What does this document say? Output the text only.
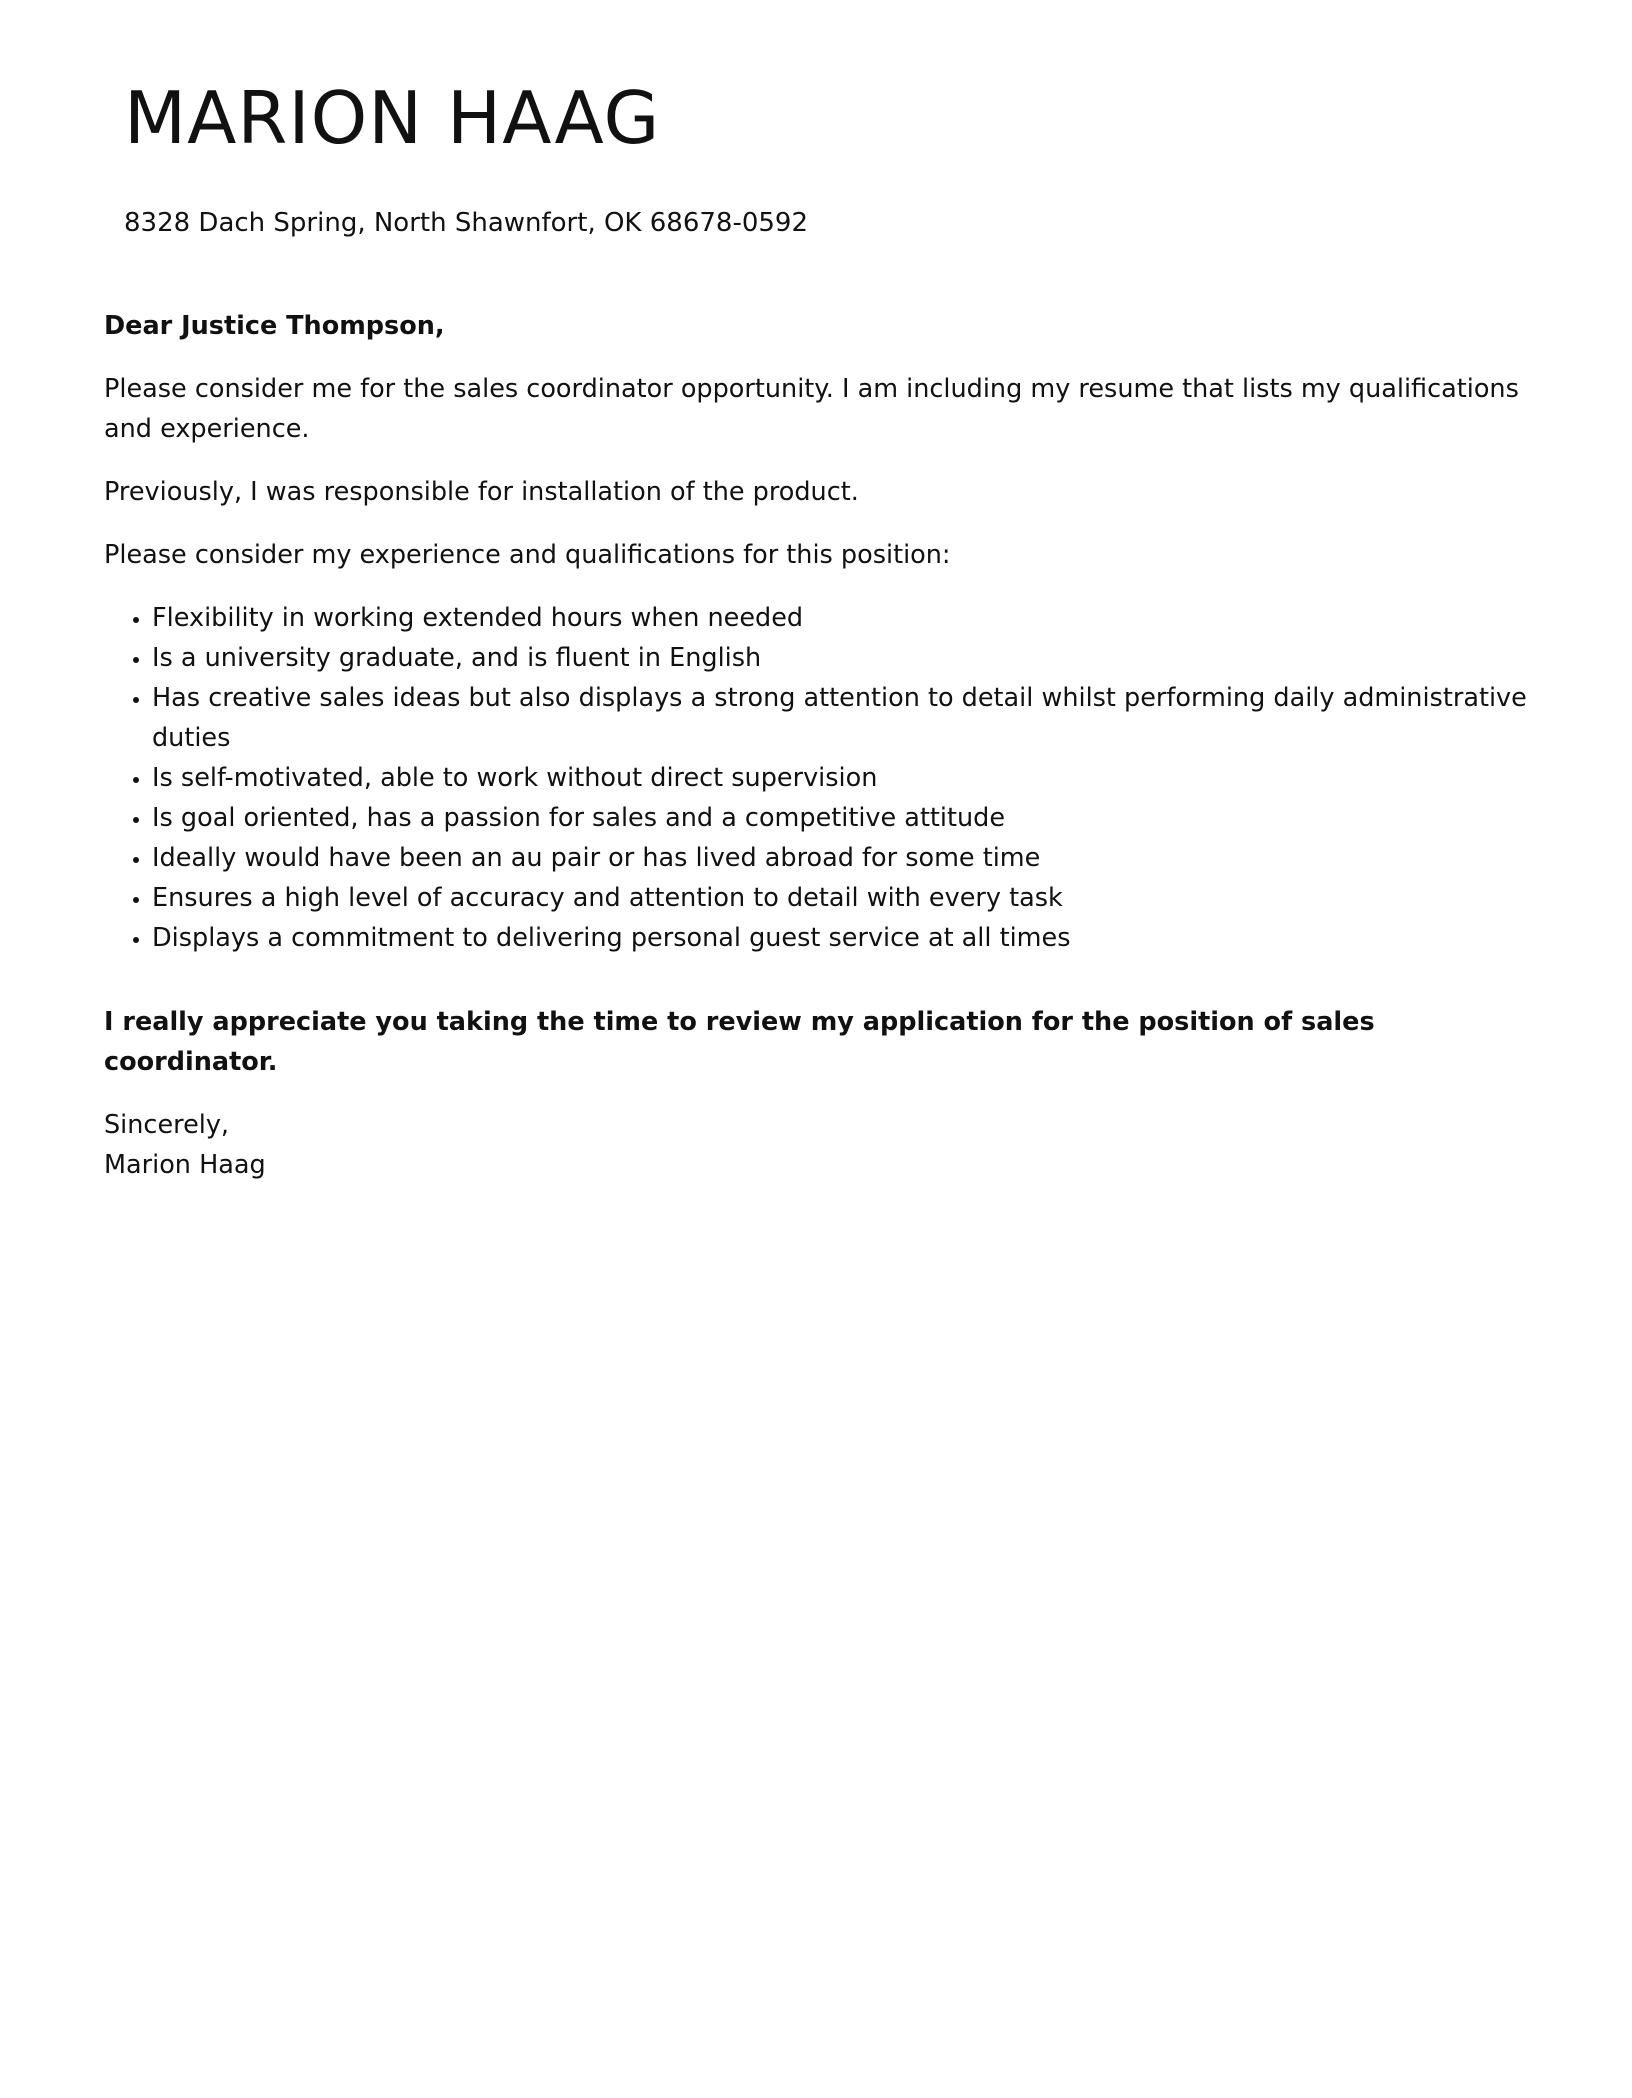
MARION HAAG

8328 Dach Spring, North Shawnfort, OK 68678-0592

Dear Justice Thompson,

Please consider me for the sales coordinator opportunity. I am including my resume that lists my qualifications and experience.

Previously, I was responsible for installation of the product.

Please consider my experience and qualifications for this position:

• Flexibility in working extended hours when needed
• Is a university graduate, and is fluent in English
• Has creative sales ideas but also displays a strong attention to detail whilst performing daily administrative duties
• Is self-motivated, able to work without direct supervision
• Is goal oriented, has a passion for sales and a competitive attitude
• Ideally would have been an au pair or has lived abroad for some time
• Ensures a high level of accuracy and attention to detail with every task
• Displays a commitment to delivering personal guest service at all times

I really appreciate you taking the time to review my application for the position of sales coordinator.

Sincerely,
Marion Haag
